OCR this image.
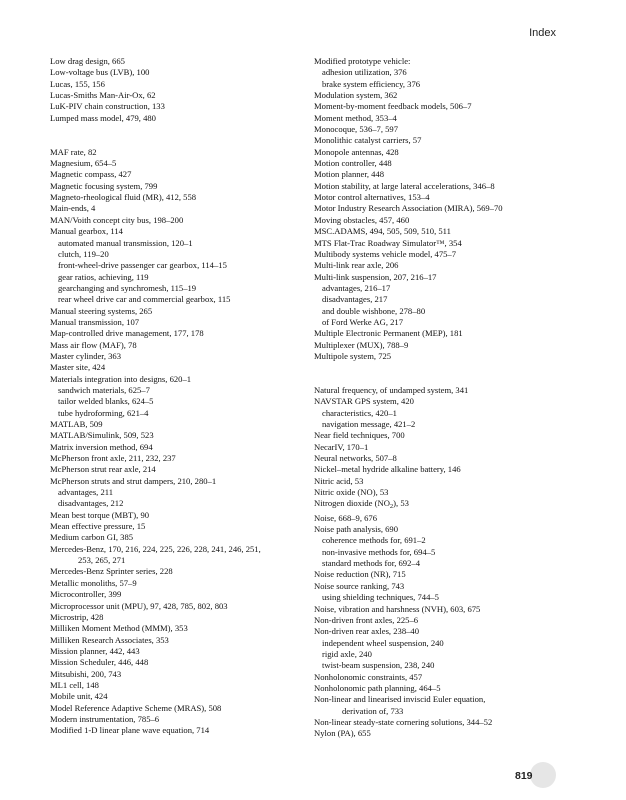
Index
Low drag design, 665
Low-voltage bus (LVB), 100
Lucas, 155, 156
Lucas-Smiths Man-Air-Ox, 62
LuK-PIV chain construction, 133
Lumped mass model, 479, 480
MAF rate, 82
Magnesium, 654–5
Magnetic compass, 427
Magnetic focusing system, 799
Magneto-rheological fluid (MR), 412, 558
Main-ends, 4
MAN/Voith concept city bus, 198–200
Manual gearbox, 114
automated manual transmission, 120–1
clutch, 119–20
front-wheel-drive passenger car gearbox, 114–15
gear ratios, achieving, 119
gearchanging and synchromesh, 115–19
rear wheel drive car and commercial gearbox, 115
Manual steering systems, 265
Manual transmission, 107
Map-controlled drive management, 177, 178
Mass air flow (MAF), 78
Master cylinder, 363
Master site, 424
Materials integration into designs, 620–1
sandwich materials, 625–7
tailor welded blanks, 624–5
tube hydroforming, 621–4
MATLAB, 509
MATLAB/Simulink, 509, 523
Matrix inversion method, 694
McPherson front axle, 211, 232, 237
McPherson strut rear axle, 214
McPherson struts and strut dampers, 210, 280–1
advantages, 211
disadvantages, 212
Mean best torque (MBT), 90
Mean effective pressure, 15
Medium carbon GI, 385
Mercedes-Benz, 170, 216, 224, 225, 226, 228, 241, 246, 251,
253, 265, 271
Mercedes-Benz Sprinter series, 228
Metallic monoliths, 57–9
Microcontroller, 399
Microprocessor unit (MPU), 97, 428, 785, 802, 803
Microstrip, 428
Milliken Moment Method (MMM), 353
Milliken Research Associates, 353
Mission planner, 442, 443
Mission Scheduler, 446, 448
Mitsubishi, 200, 743
ML1 cell, 148
Mobile unit, 424
Model Reference Adaptive Scheme (MRAS), 508
Modern instrumentation, 785–6
Modified 1-D linear plane wave equation, 714
Modified prototype vehicle:
adhesion utilization, 376
brake system efficiency, 376
Modulation system, 362
Moment-by-moment feedback models, 506–7
Moment method, 353–4
Monocoque, 536–7, 597
Monolithic catalyst carriers, 57
Monopole antennas, 428
Motion controller, 448
Motion planner, 448
Motion stability, at large lateral accelerations, 346–8
Motor control alternatives, 153–4
Motor Industry Research Association (MIRA), 569–70
Moving obstacles, 457, 460
MSC.ADAMS, 494, 505, 509, 510, 511
MTS Flat-Trac Roadway Simulator™, 354
Multibody systems vehicle model, 475–7
Multi-link rear axle, 206
Multi-link suspension, 207, 216–17
advantages, 216–17
disadvantages, 217
and double wishbone, 278–80
of Ford Werke AG, 217
Multiple Electronic Permanent (MEP), 181
Multiplexer (MUX), 788–9
Multipole system, 725
Natural frequency, of undamped system, 341
NAVSTAR GPS system, 420
characteristics, 420–1
navigation message, 421–2
Near field techniques, 700
NecarIV, 170–1
Neural networks, 507–8
Nickel–metal hydride alkaline battery, 146
Nitric acid, 53
Nitric oxide (NO), 53
Nitrogen dioxide $(NO_2)$, 53
Noise, 668–9, 676
Noise path analysis, 690
coherence methods for, 691–2
non-invasive methods for, 694–5
standard methods for, 692–4
Noise reduction (NR), 715
Noise source ranking, 743
using shielding techniques, 744–5
Noise, vibration and harshness (NVH), 603, 675
Non-driven front axles, 225–6
Non-driven rear axles, 238–40
independent wheel suspension, 240
rigid axle, 240
twist-beam suspension, 238, 240
Nonholonomic constraints, 457
Nonholonomic path planning, 464–5
Non-linear and linearised inviscid Euler equation,
derivation of, 733
Non-linear steady-state cornering solutions, 344–52
Nylon (PA), 655
819
